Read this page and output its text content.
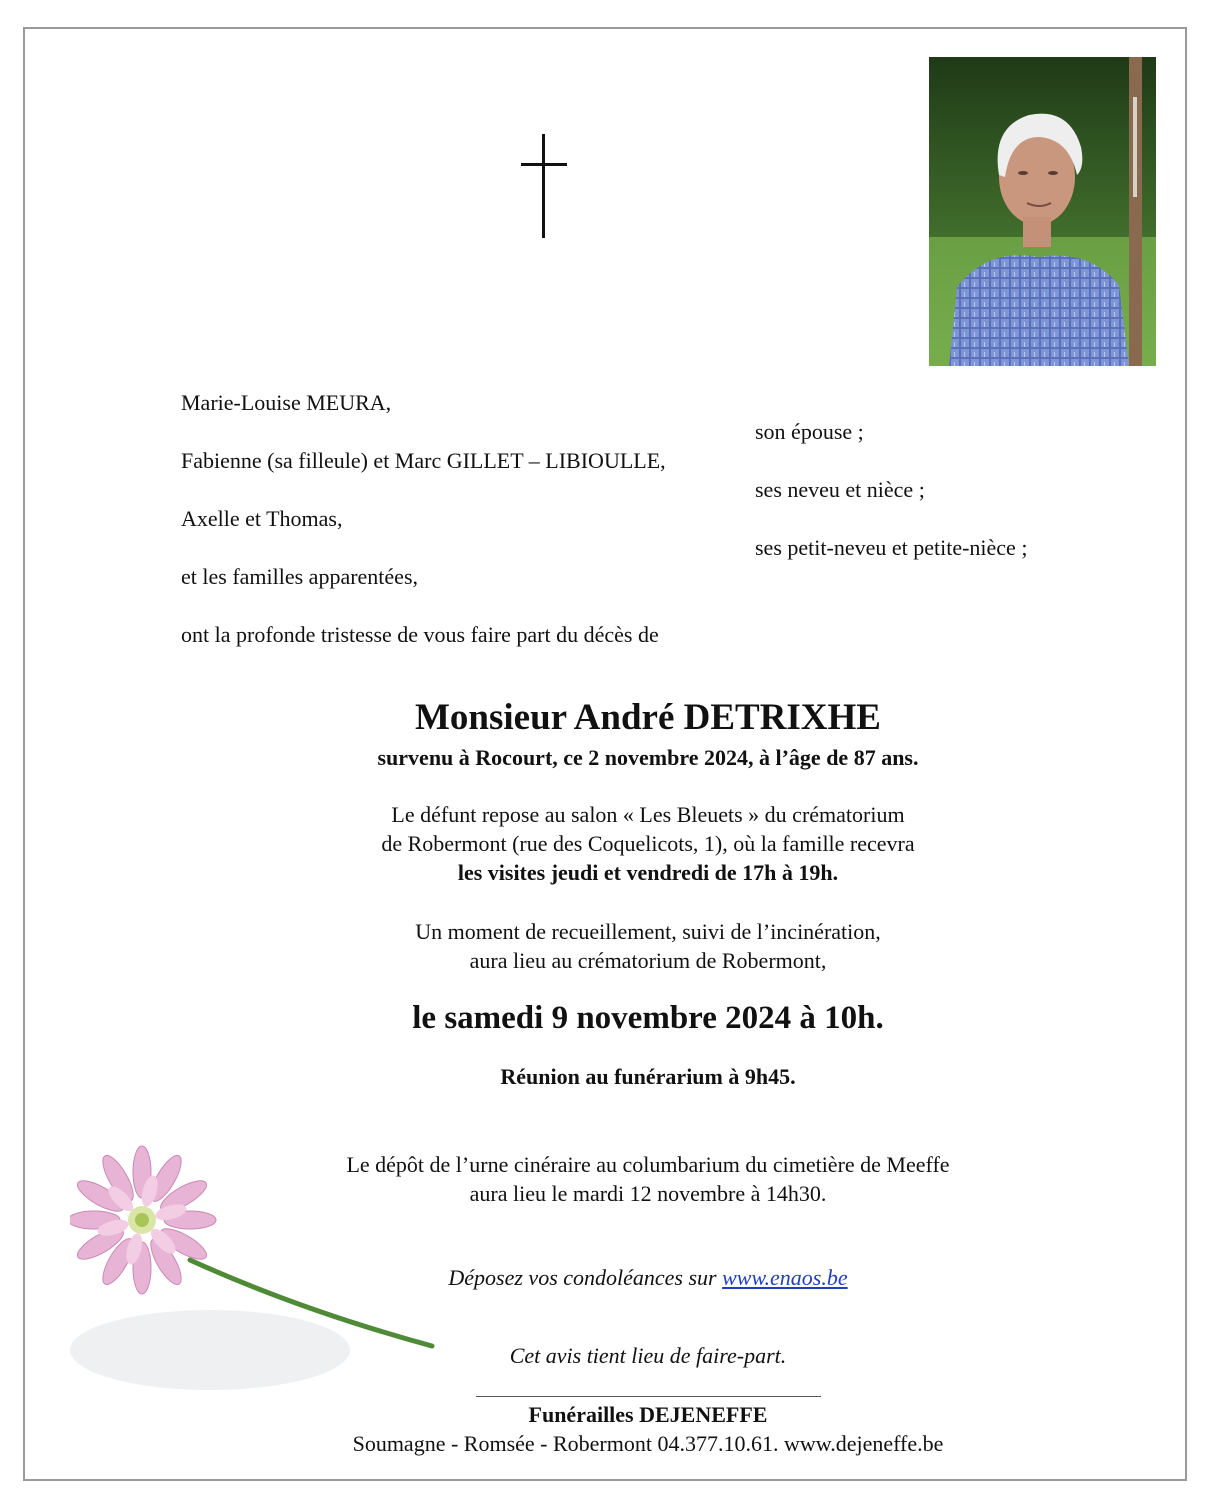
Marie-Louise MEURA,
son épouse ;
Fabienne (sa filleule) et Marc GILLET – LIBIOULLE,
ses neveu et nièce ;
Axelle et Thomas,
ses petit-neveu et petite-nièce ;
et les familles apparentées,
ont la profonde tristesse de vous faire part du décès de
Monsieur André DETRIXHE
survenu à Rocourt, ce 2 novembre 2024, à l’âge de 87 ans.
Le défunt repose au salon « Les Bleuets » du crématorium
de Robermont (rue des Coquelicots, 1), où la famille recevra
les visites jeudi et vendredi de 17h à 19h.
Un moment de recueillement, suivi de l’incinération,
aura lieu au crématorium de Robermont,
le samedi 9 novembre 2024 à 10h.
Réunion au funérarium à 9h45.
Le dépôt de l’urne cinéraire au columbarium du cimetière de Meeffe
aura lieu le mardi 12 novembre à 14h30.
Déposez vos condoléances sur www.enaos.be
Cet avis tient lieu de faire-part.
Funérailles DEJENEFFE
Soumagne - Romsée - Robermont 04.377.10.61. www.dejeneffe.be
